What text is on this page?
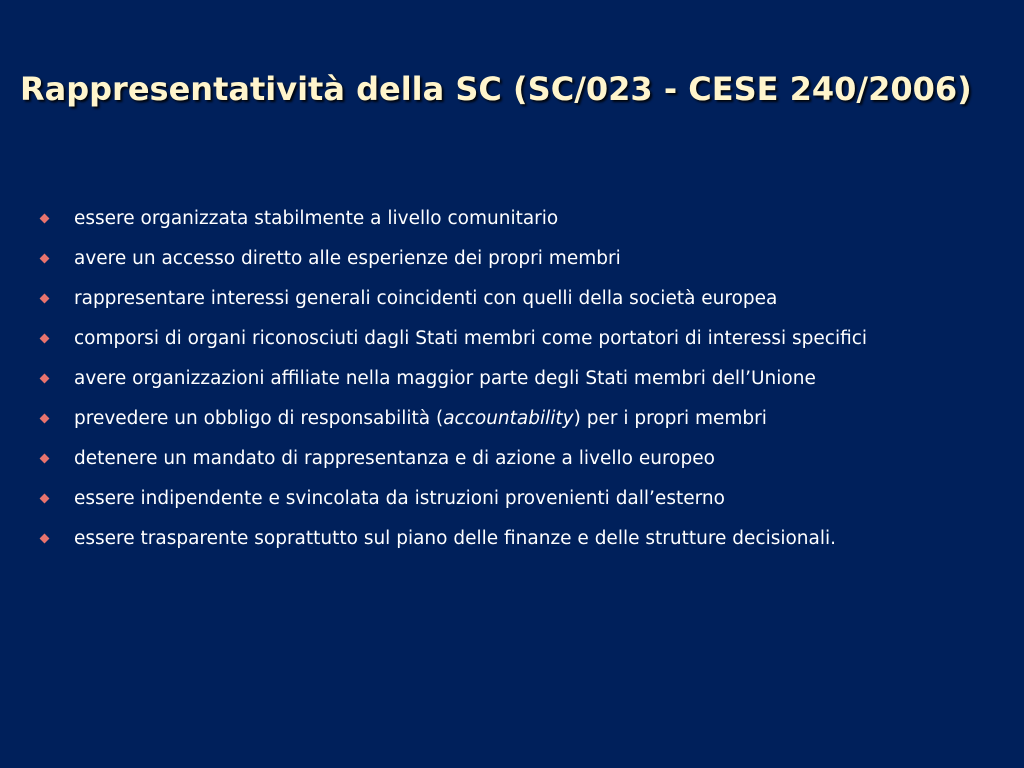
Rappresentatività della SC (SC/023 - CESE 240/2006)
essere organizzata stabilmente a livello comunitario
avere un accesso diretto alle esperienze dei propri membri
rappresentare interessi generali coincidenti con quelli della società europea
comporsi di organi riconosciuti dagli Stati membri come portatori di interessi specifici
avere organizzazioni affiliate nella maggior parte degli Stati membri dell’Unione
prevedere un obbligo di responsabilità (accountability) per i propri membri
detenere un mandato di rappresentanza e di azione a livello europeo
essere indipendente e svincolata da istruzioni provenienti dall’esterno
essere trasparente soprattutto sul piano delle finanze e delle strutture decisionali.
